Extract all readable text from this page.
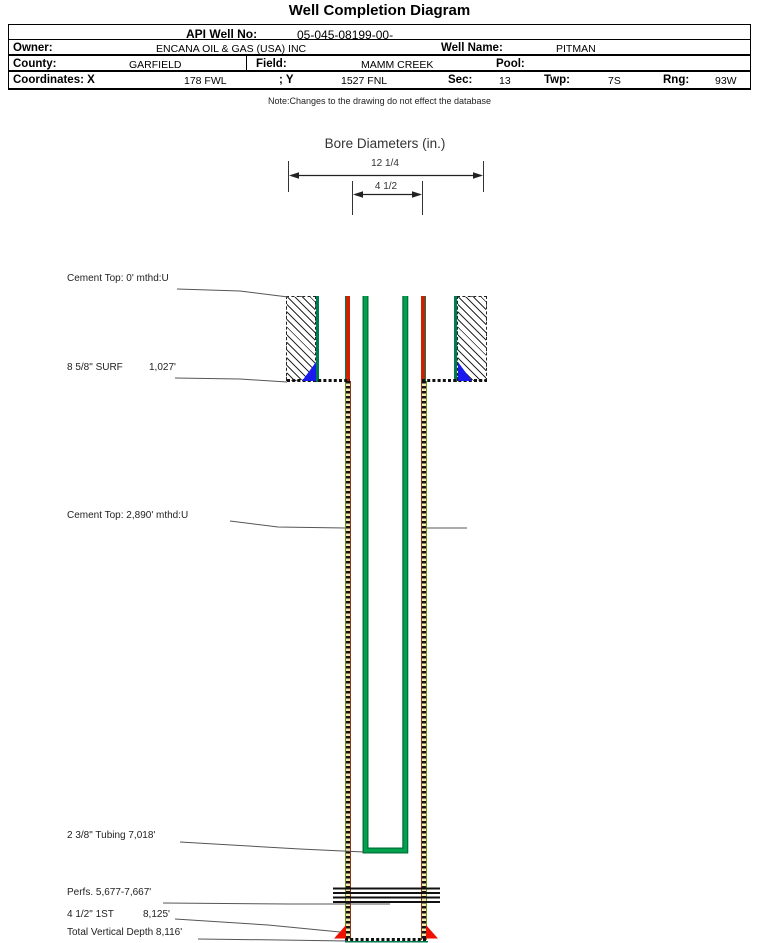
Well Completion Diagram
API Well No:	05-045-08199-00-
Owner:	ENCANA OIL & GAS (USA) INC	Well Name:	PITMAN
County:	GARFIELD	Field:	MAMM CREEK	Pool:
Coordinates: X	178 FWL	; Y	1527 FNL	Sec:	13	Twp:	7S	Rng: 93W
Note:Changes to the drawing do not effect the database
Bore Diameters (in.)
12 1/4
4 1/2
Cement Top: 0' mthd:U
8 5/8" SURF	1,027'
Cement Top: 2,890' mthd:U
2 3/8" Tubing 7,018'
Perfs. 5,677-7,667'
4 1/2" 1ST	8,125'
Total Vertical Depth 8,116'
